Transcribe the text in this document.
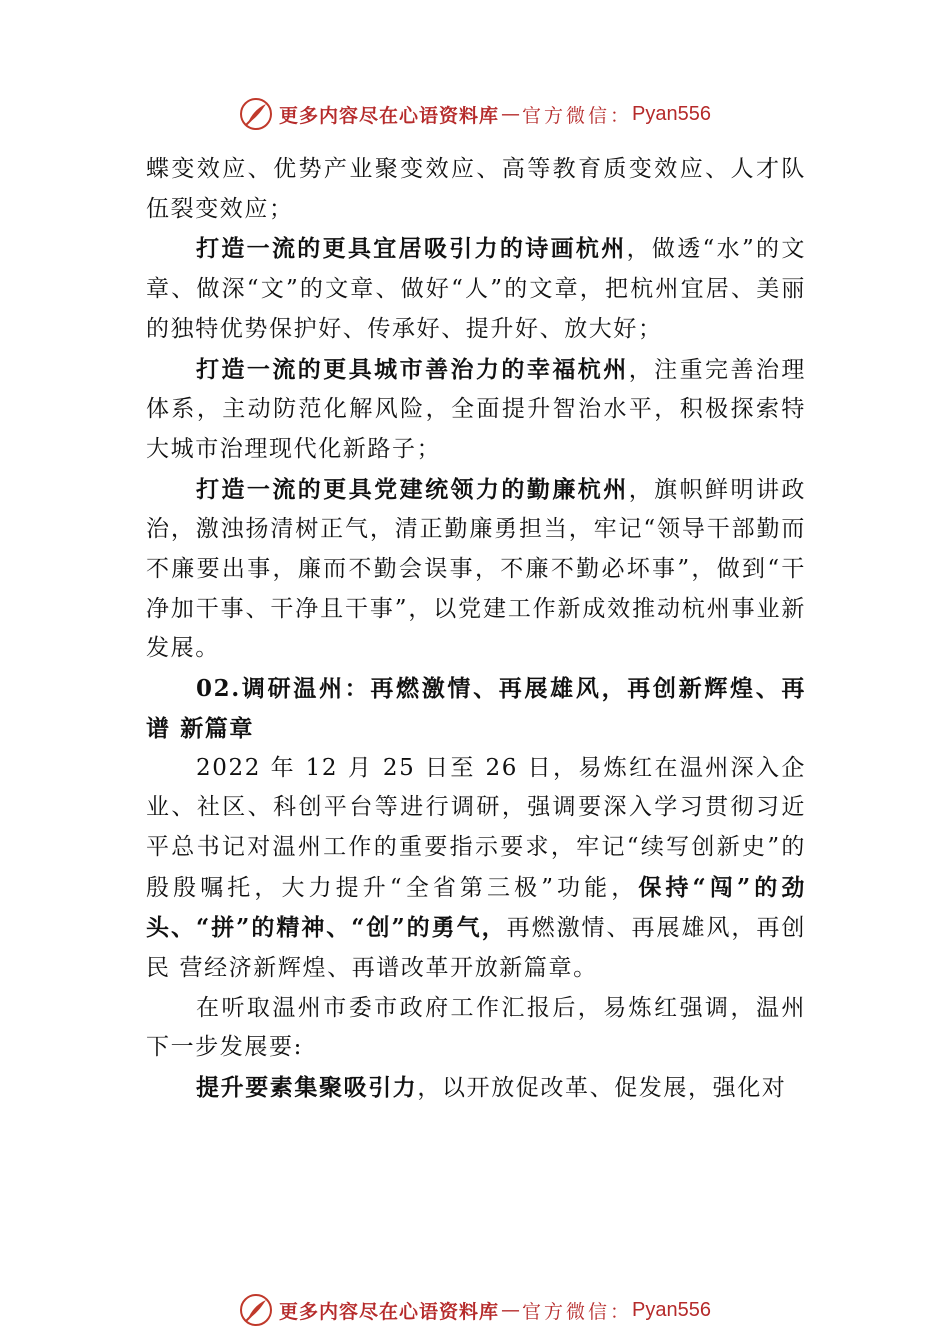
更多内容尽在心语资料库 — 官方微信： Pyan556

蝶变效应、优势产业聚变效应、高等教育质变效应、人才队伍裂变效应；

打造一流的更具宜居吸引力的诗画杭州，做透“水”的文章、做深“文”的文章、做好“人”的文章，把杭州宜居、美丽的独特优势保护好、传承好、提升好、放大好；

打造一流的更具城市善治力的幸福杭州，注重完善治理体系，主动防范化解风险，全面提升智治水平，积极探索特大城市治理现代化新路子；

打造一流的更具党建统领力的勤廉杭州，旗帜鲜明讲政治，激浊扬清树正气，清正勤廉勇担当，牢记“领导干部勤而不廉要出事，廉而不勤会误事，不廉不勤必坏事”，做到“干净加干事、干净且干事”，以党建工作新成效推动杭州事业新发展。

02.调研温州：再燃激情、再展雄风，再创新辉煌、再谱 新篇章

2022 年 12 月 25 日至 26 日，易炼红在温州深入企业、社区、科创平台等进行调研，强调要深入学习贯彻习近平总书记对温州工作的重要指示要求，牢记“续写创新史”的殷殷嘱托，大力提升“全省第三极”功能，保持“闯”的劲头、“拼”的精神、“创”的勇气，再燃激情、再展雄风，再创民 营经济新辉煌、再谱改革开放新篇章。

在听取温州市委市政府工作汇报后，易炼红强调，温州下一步发展要:

提升要素集聚吸引力，以开放促改革、促发展，强化对

更多内容尽在心语资料库 — 官方微信： Pyan556
